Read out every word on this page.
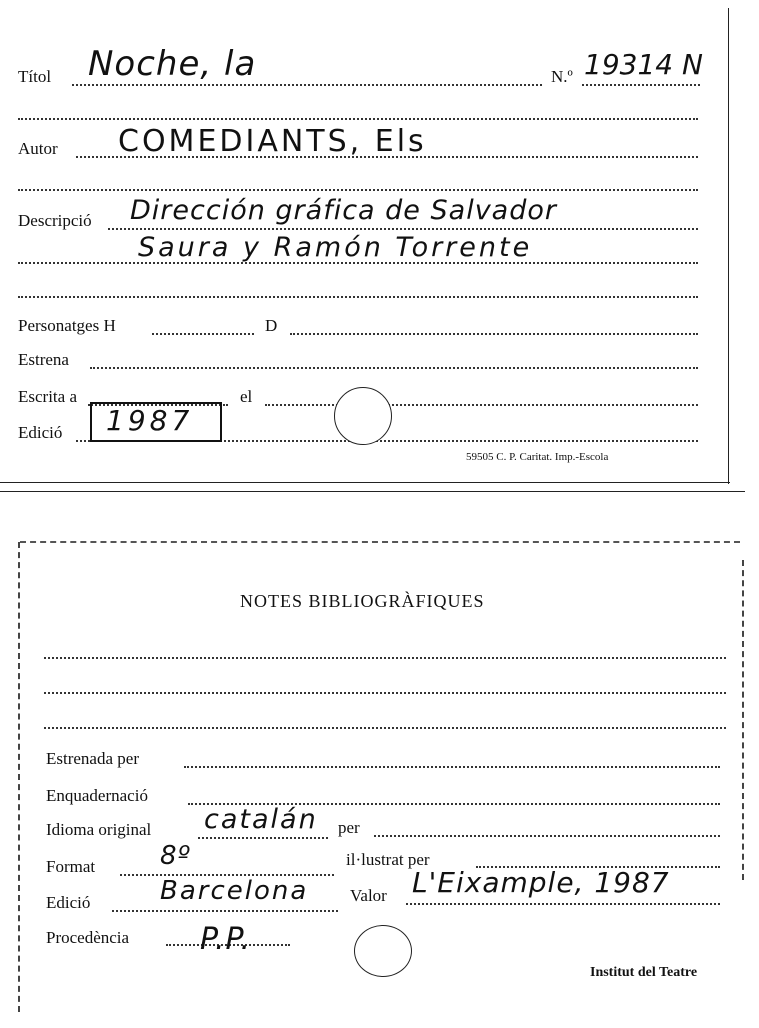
Títol Noche, la	N.º 19314 N
Autor COMEDIANTS, Els
Descripció Dirección gráfica de Salvador
Saura y Ramón Torrente
Personatges H	D
Estrena
Escrita a	el
Edició 1987
59505 C. P. Caritat. Imp.-Escola
NOTES BIBLIOGRÀFIQUES
Estrenada per
Enquadernació
Idioma original catalán per
Format 8º	il·lustrat per
Edició	Barcelona Valor L'Eixample, 1987
Procedència P.P.
Institut del Teatre
